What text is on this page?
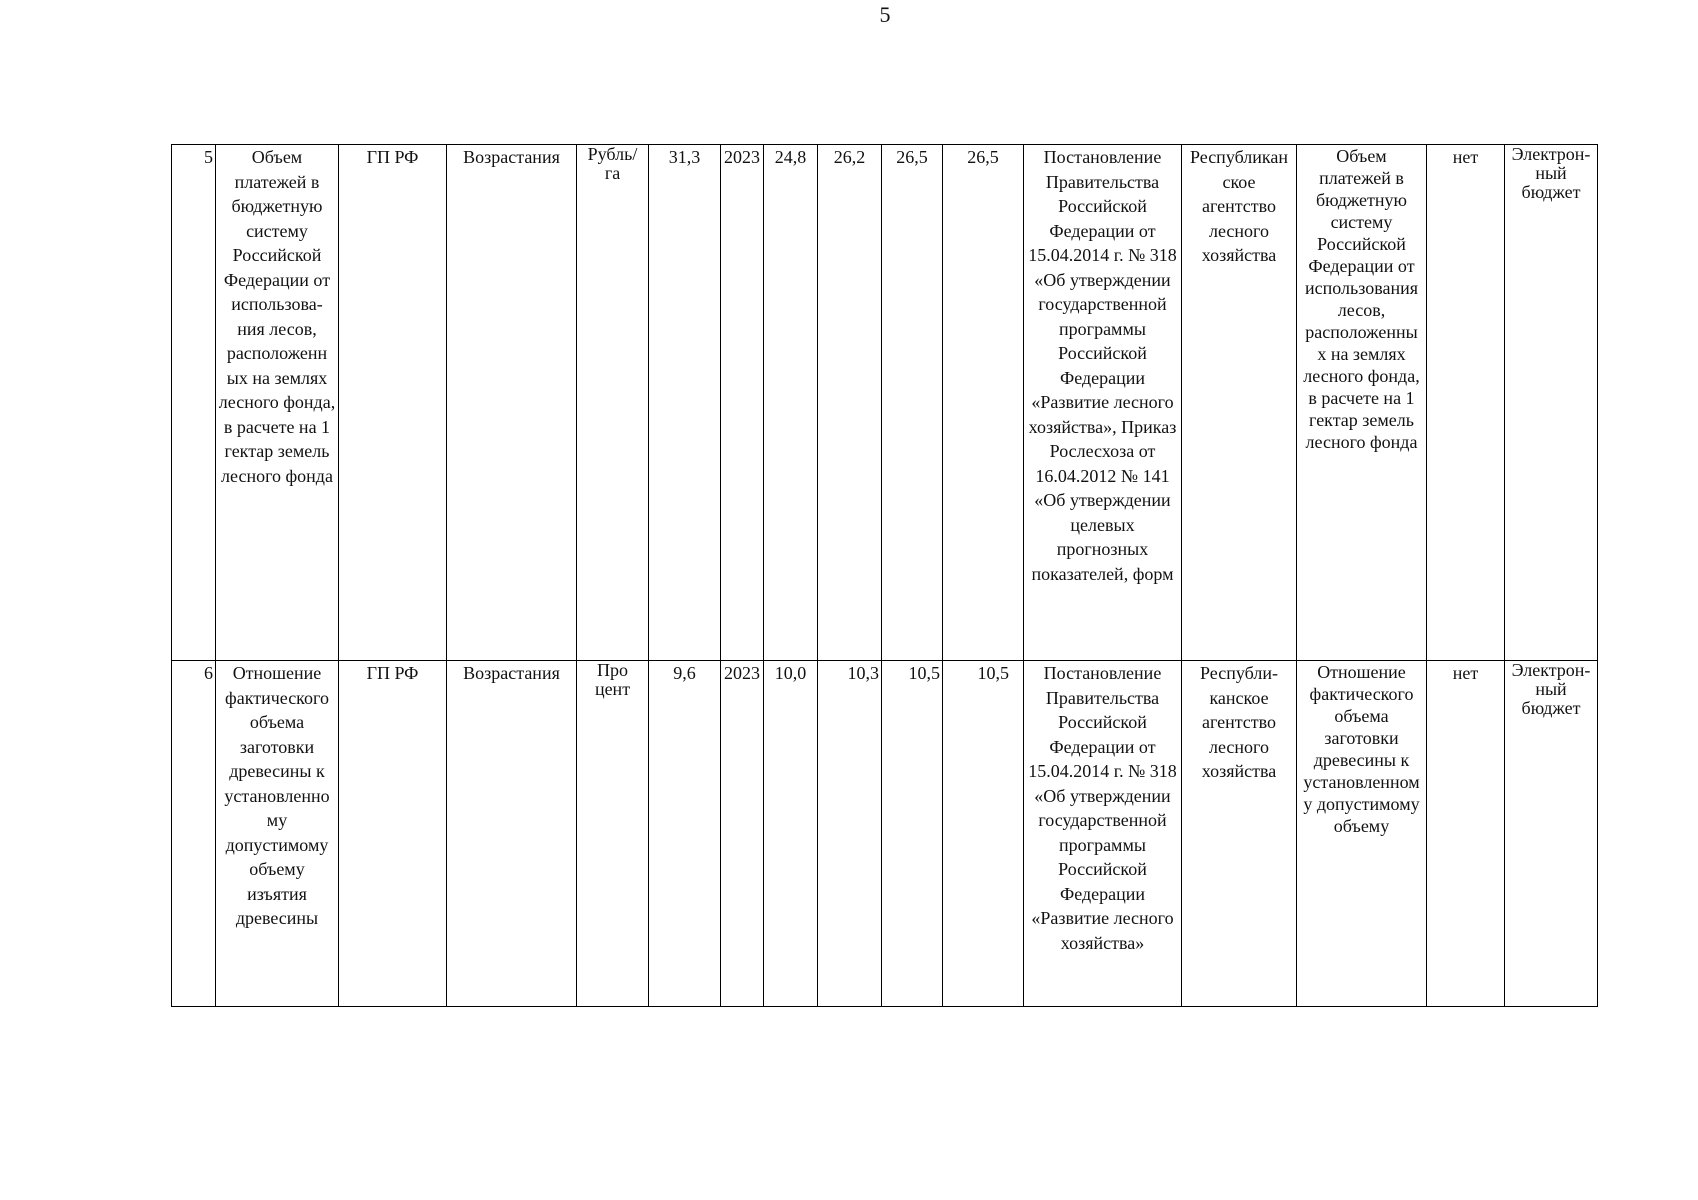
5
5	Объем платежей в бюджетную систему Российской Федерации от использова-ния лесов, расположенн ых на землях лесного фонда, в расчете на 1 гектар земель лесного фонда	ГП РФ	Возрастания	Рубль/ га	31,3	2023	24,8	26,2	26,5	26,5	Постановление Правительства Российской Федерации от 15.04.2014 г. № 318 «Об утверждении государственной программы Российской Федерации «Развитие лесного хозяйства», Приказ Рослесхоза от 16.04.2012 № 141 «Об утверждении целевых прогнозных показателей, форм	Республикан ское агентство лесного хозяйства	Объем платежей в бюджетную систему Российской Федерации от использования лесов, расположенны х на землях лесного фонда, в расчете на 1 гектар земель лесного фонда	нет	Электрон-ный бюджет
6	Отношение фактического объема заготовки древесины к установленно му допустимому объему изъятия древесины	ГП РФ	Возрастания	Про цент	9,6	2023	10,0	10,3	10,5	10,5	Постановление Правительства Российской Федерации от 15.04.2014 г. № 318 «Об утверждении государственной программы Российской Федерации «Развитие лесного хозяйства»	Республи-канское агентство лесного хозяйства	Отношение фактического объема заготовки древесины к установленном у допустимому объему	нет	Электрон-ный бюджет
